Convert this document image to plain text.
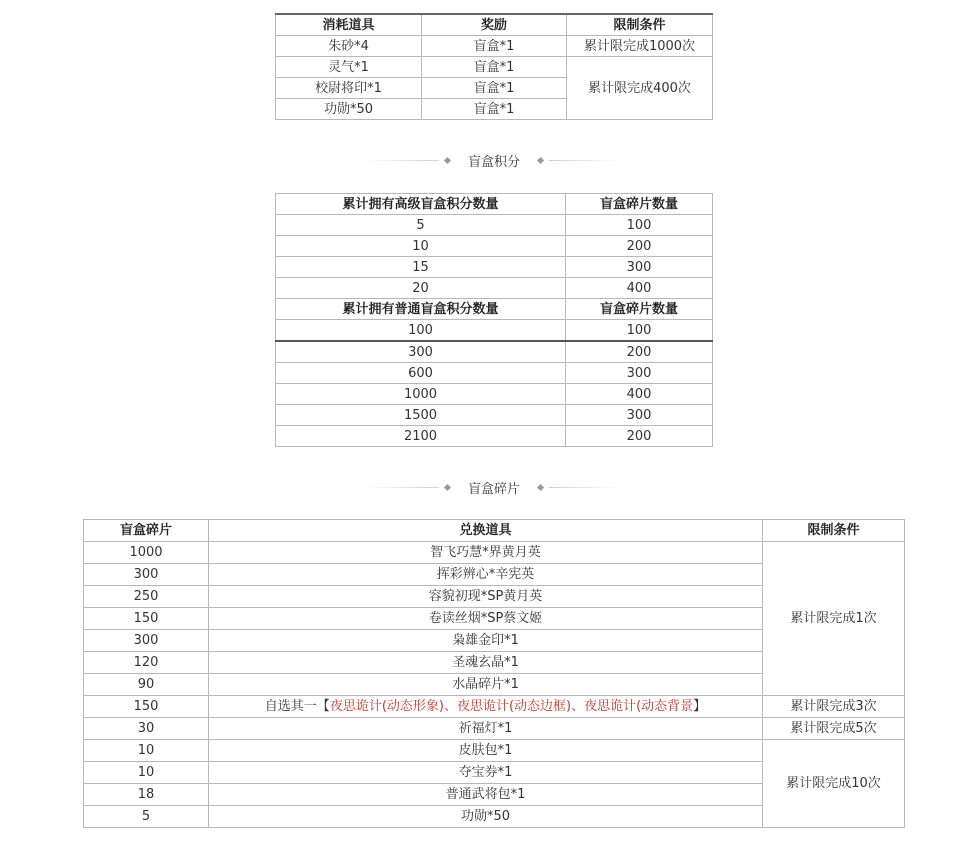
消耗道具	奖励	限制条件
朱砂*4	盲盒*1	累计限完成1000次
灵气*1	盲盒*1	累计限完成400次
校尉将印*1	盲盒*1	
功勋*50	盲盒*1	
盲盒积分
累计拥有高级盲盒积分数量	盲盒碎片数量
5	100
10	200
15	300
20	400
累计拥有普通盲盒积分数量	盲盒碎片数量
100	100
300	200
600	300
1000	400
1500	300
2100	200
盲盒碎片
盲盒碎片	兑换道具	限制条件
1000	智飞巧慧*界黄月英	累计限完成1次
300	挥彩辨心*辛宪英	
250	容貌初现*SP黄月英	
150	卷读丝烟*SP蔡文姬	
300	枭雄金印*1	
120	圣魂玄晶*1	
90	水晶碎片*1	
150	自选其一【夜思诡计(动态形象)、夜思诡计(动态边框)、夜思诡计(动态背景】	累计限完成3次
30	祈福灯*1	累计限完成5次
10	皮肤包*1	累计限完成10次
10	夺宝券*1	
18	普通武将包*1	
5	功勋*50	
